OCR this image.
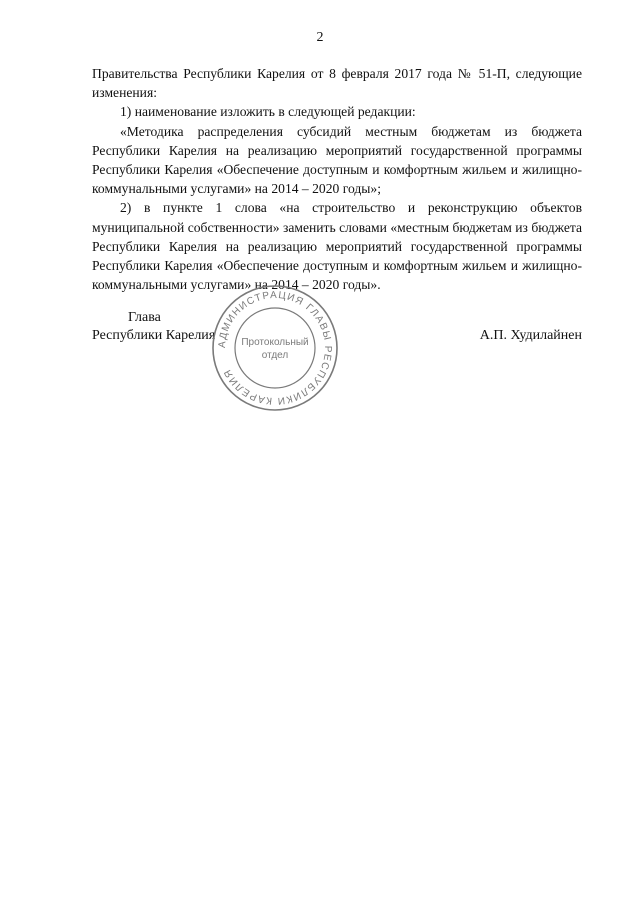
2

Правительства Республики Карелия от 8 февраля 2017 года № 51-П, следующие изменения:

1) наименование изложить в следующей редакции:

«Методика распределения субсидий местным бюджетам из бюджета Республики Карелия на реализацию мероприятий государственной программы Республики Карелия «Обеспечение доступным и комфортным жильем и жилищно-коммунальными услугами» на 2014 – 2020 годы»;

2) в пункте 1 слова «на строительство и реконструкцию объектов муниципальной собственности» заменить словами «местным бюджетам из бюджета Республики Карелия на реализацию мероприятий государственной программы Республики Карелия «Обеспечение доступным и комфортным жильем и жилищно-коммунальными услугами» на 2014 – 2020 годы».

Глава
Республики Карелия	А.П. Худилайнен
АДМИНИСТРАЦИЯ ГЛАВЫ РЕСПУБЛИКИ КАРЕЛИЯ
Протокольный
отдел
